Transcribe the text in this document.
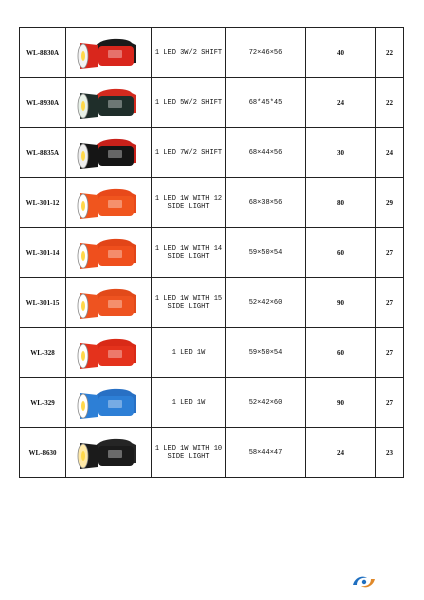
WL-8830A		1 LED 3W/2 SHIFT	72×46×56	40	22
WL-8930A		1 LED 5W/2 SHIFT	68*45*45	24	22
WL-8835A		1 LED 7W/2 SHIFT	68×44×56	30	24
WL-301-12		1 LED 1W WITH 12 SIDE LIGHT	68×38×56	80	29
WL-301-14		1 LED 1W WITH 14 SIDE LIGHT	59×50×54	60	27
WL-301-15		1 LED 1W WITH 15 SIDE LIGHT	52×42×60	90	27
WL-328		1 LED 1W	59×50×54	60	27
WL-329		1 LED 1W	52×42×60	90	27
WL-8630		1 LED 1W WITH 10 SIDE LIGHT	58×44×47	24	23
